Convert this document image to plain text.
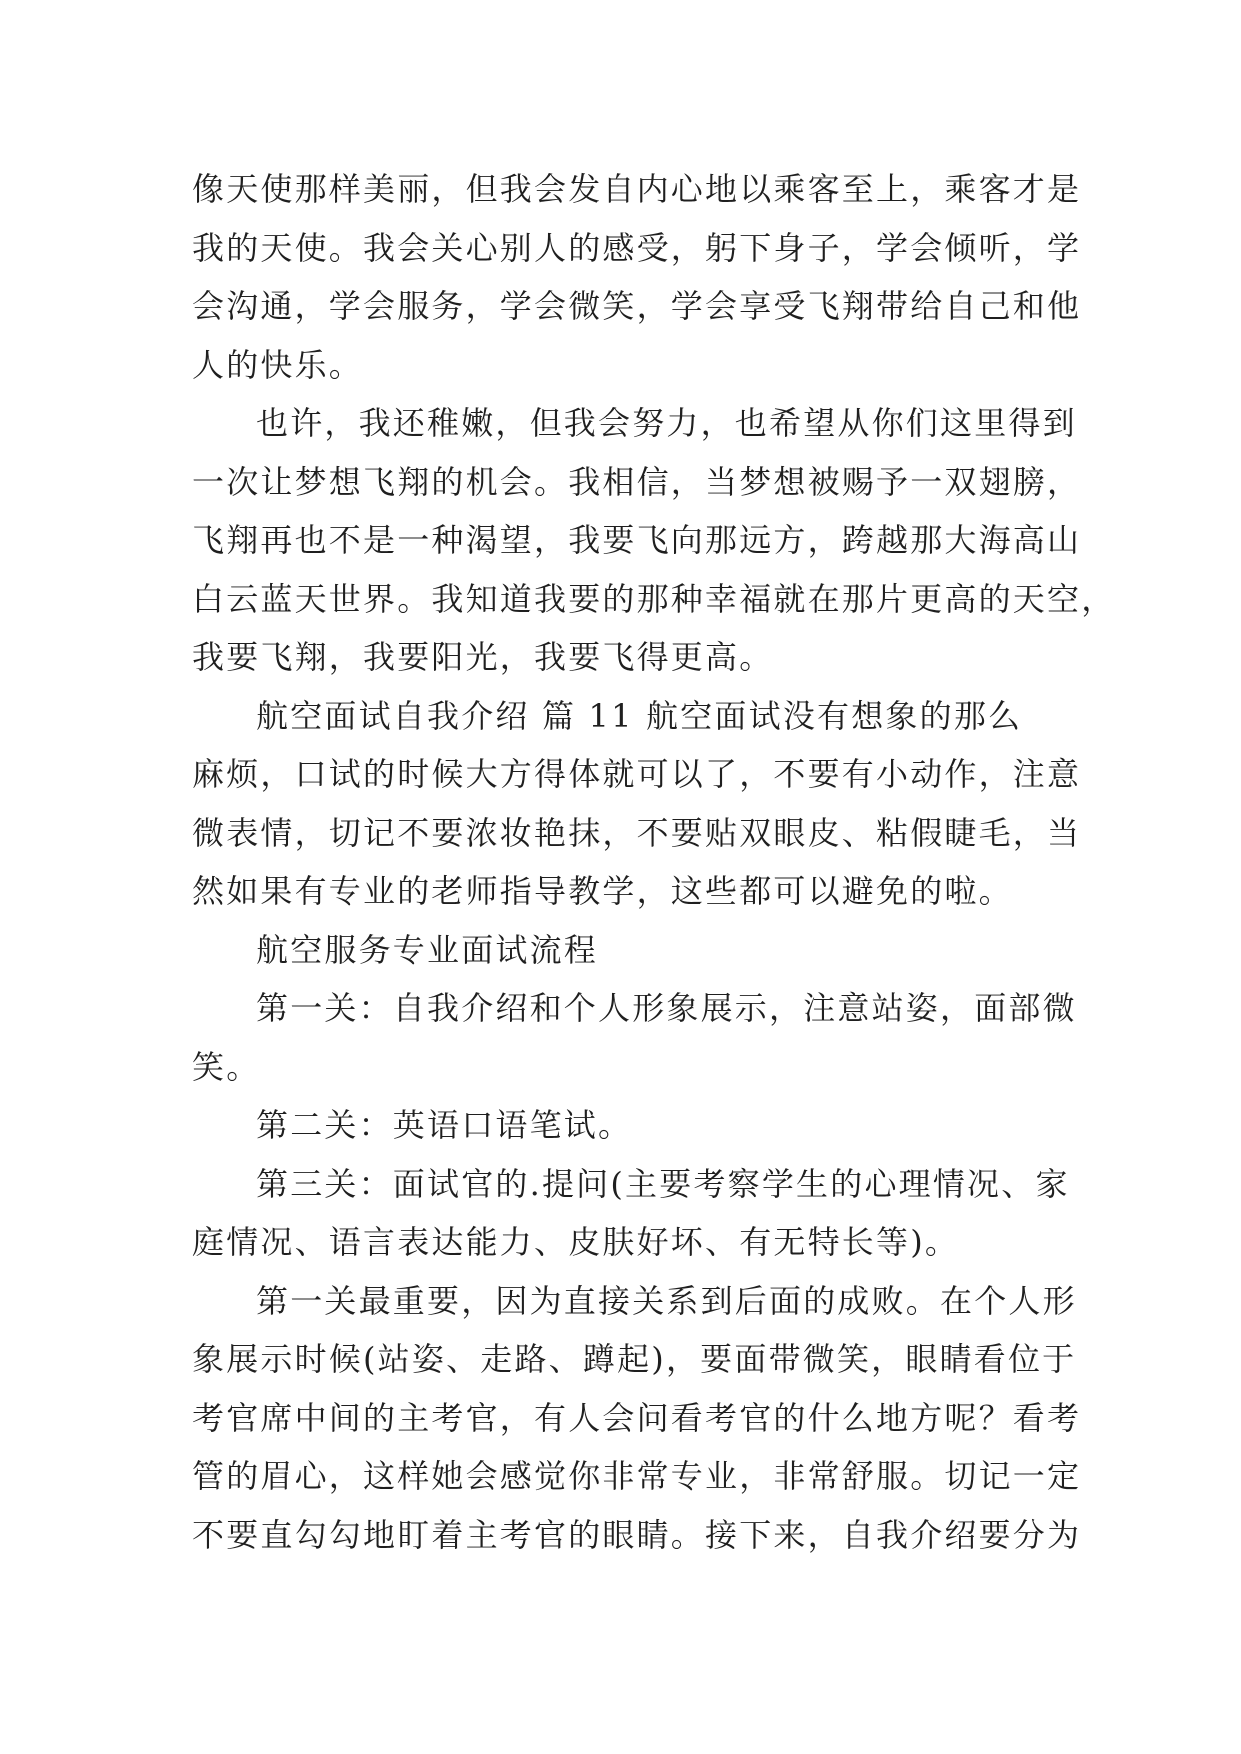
像天使那样美丽，但我会发自内心地以乘客至上，乘客才是
我的天使。我会关心别人的感受，躬下身子，学会倾听，学
会沟通，学会服务，学会微笑，学会享受飞翔带给自己和他
人的快乐。
也许，我还稚嫩，但我会努力，也希望从你们这里得到
一次让梦想飞翔的机会。我相信，当梦想被赐予一双翅膀，
飞翔再也不是一种渴望，我要飞向那远方，跨越那大海高山
白云蓝天世界。我知道我要的那种幸福就在那片更高的天空，
我要飞翔，我要阳光，我要飞得更高。
航空面试自我介绍 篇 11 航空面试没有想象的那么
麻烦，口试的时候大方得体就可以了，不要有小动作，注意
微表情，切记不要浓妆艳抹，不要贴双眼皮、粘假睫毛，当
然如果有专业的老师指导教学，这些都可以避免的啦。
航空服务专业面试流程
第一关：自我介绍和个人形象展示，注意站姿，面部微
笑。
第二关：英语口语笔试。
第三关：面试官的.提问(主要考察学生的心理情况、家
庭情况、语言表达能力、皮肤好坏、有无特长等)。
第一关最重要，因为直接关系到后面的成败。在个人形
象展示时候(站姿、走路、蹲起)，要面带微笑，眼睛看位于
考官席中间的主考官，有人会问看考官的什么地方呢？看考
管的眉心，这样她会感觉你非常专业，非常舒服。切记一定
不要直勾勾地盯着主考官的眼睛。接下来，自我介绍要分为
